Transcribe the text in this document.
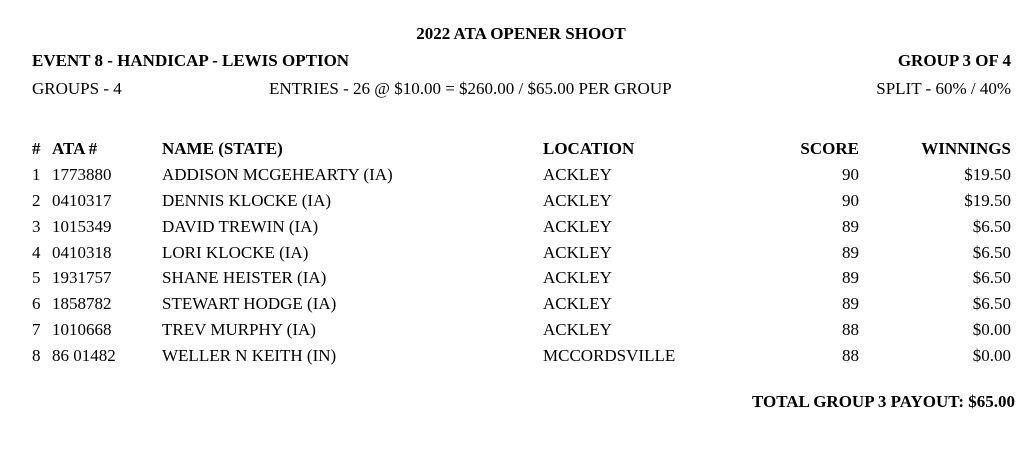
2022 ATA OPENER SHOOT
EVENT 8 - HANDICAP - LEWIS OPTION	GROUP 3 OF 4
GROUPS - 4	ENTRIES - 26 @ $10.00 = $260.00 / $65.00 PER GROUP	SPLIT - 60% / 40%
# ATA #	NAME (STATE)	LOCATION	SCORE	WINNINGS
1 1773880	ADDISON MCGEHEARTY (IA)	ACKLEY	90	$19.50
2 0410317	DENNIS KLOCKE (IA)	ACKLEY	90	$19.50
3 1015349	DAVID TREWIN (IA)	ACKLEY	89	$6.50
4 0410318	LORI KLOCKE (IA)	ACKLEY	89	$6.50
5 1931757	SHANE HEISTER (IA)	ACKLEY	89	$6.50
6 1858782	STEWART HODGE (IA)	ACKLEY	89	$6.50
7 1010668	TREV MURPHY (IA)	ACKLEY	88	$0.00
8 86 01482	WELLER N KEITH (IN)	MCCORDSVILLE	88	$0.00
TOTAL GROUP 3 PAYOUT: $65.00
